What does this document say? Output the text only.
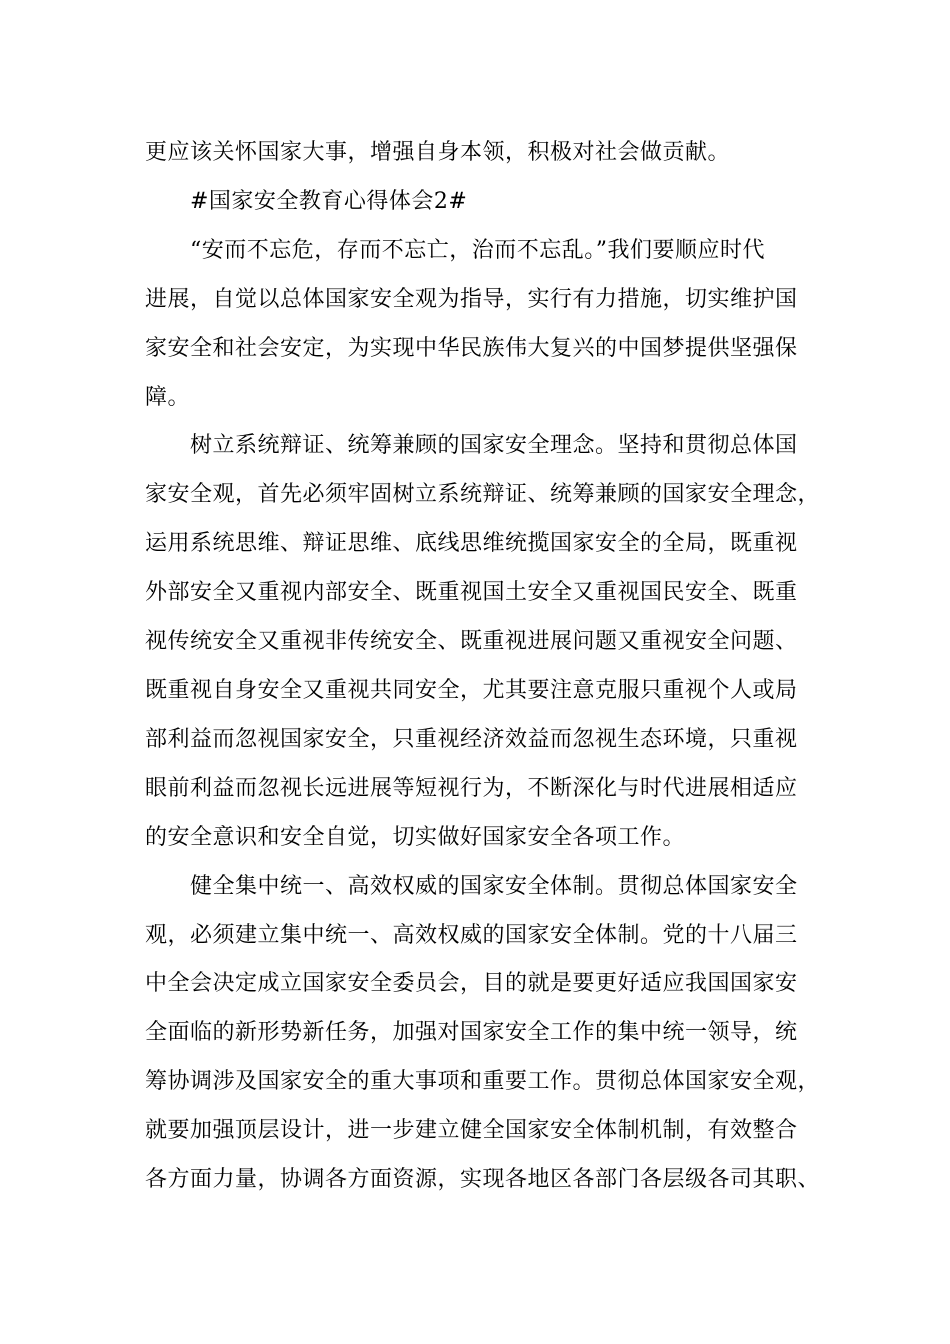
更应该关怀国家大事，增强自身本领，积极对社会做贡献。

#国家安全教育心得体会2#

“安而不忘危，存而不忘亡，治而不忘乱。”我们要顺应时代
进展，自觉以总体国家安全观为指导，实行有力措施，切实维护国
家安全和社会安定，为实现中华民族伟大复兴的中国梦提供坚强保
障。

树立系统辩证、统筹兼顾的国家安全理念。坚持和贯彻总体国
家安全观，首先必须牢固树立系统辩证、统筹兼顾的国家安全理念，
运用系统思维、辩证思维、底线思维统揽国家安全的全局，既重视
外部安全又重视内部安全、既重视国土安全又重视国民安全、既重
视传统安全又重视非传统安全、既重视进展问题又重视安全问题、
既重视自身安全又重视共同安全，尤其要注意克服只重视个人或局
部利益而忽视国家安全，只重视经济效益而忽视生态环境，只重视
眼前利益而忽视长远进展等短视行为，不断深化与时代进展相适应
的安全意识和安全自觉，切实做好国家安全各项工作。

健全集中统一、高效权威的国家安全体制。贯彻总体国家安全
观，必须建立集中统一、高效权威的国家安全体制。党的十八届三
中全会决定成立国家安全委员会，目的就是要更好适应我国国家安
全面临的新形势新任务，加强对国家安全工作的集中统一领导，统
筹协调涉及国家安全的重大事项和重要工作。贯彻总体国家安全观，
就要加强顶层设计，进一步建立健全国家安全体制机制，有效整合
各方面力量，协调各方面资源，实现各地区各部门各层级各司其职、
